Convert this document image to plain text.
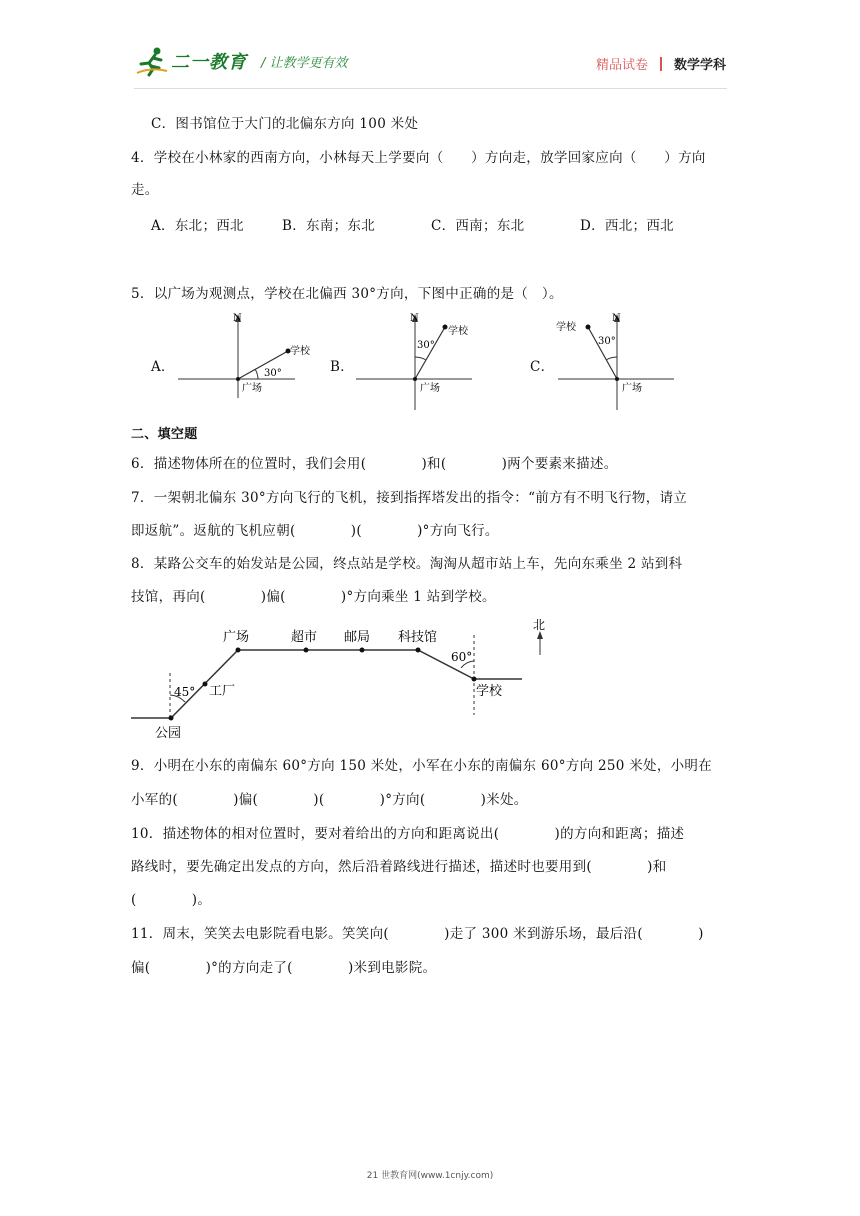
二一教育 / 让教学更有效	精品试卷 数学学科
C．图书馆位于大门的北偏东方向 100 米处
4．学校在小林家的西南方向，小林每天上学要向（　　）方向走，放学回家应向（　　）方向
走。
A．东北；西北	B．东南；东北	C．西南；东北	D．西北；西北
5．以广场为观测点，学校在北偏西 30°方向，下图中正确的是（　）。
A．	B．	C．
N
学校
30°
广场
N
学校
30°
广场
N
学校
30°
广场
二、填空题
6．描述物体所在的位置时，我们会用(　　　　)和(　　　　)两个要素来描述。
7．一架朝北偏东 30°方向飞行的飞机，接到指挥塔发出的指令：“前方有不明飞行物，请立
即返航”。返航的飞机应朝(　　　　)(　　　　)°方向飞行。
8．某路公交车的始发站是公园，终点站是学校。淘淘从超市站上车，先向东乘坐 2 站到科
技馆，再向(　　　　)偏(　　　　)°方向乘坐 1 站到学校。
广场	超市 邮局 科技馆
工厂
公园
学校
45°
60°
北
9．小明在小东的南偏东 60°方向 150 米处，小军在小东的南偏东 60°方向 250 米处，小明在
小军的(　　　　)偏(　　　　)(　　　　)°方向(　　　　)米处。
10．描述物体的相对位置时，要对着给出的方向和距离说出(　　　　)的方向和距离；描述
路线时，要先确定出发点的方向，然后沿着路线进行描述，描述时也要用到(　　　　)和
(　　　　)。
11．周末，笑笑去电影院看电影。笑笑向(　　　　)走了 300 米到游乐场，最后沿(　　　　)
偏(　　　　)°的方向走了(　　　　)米到电影院。
21 世教育网(www.1cnjy.com)
